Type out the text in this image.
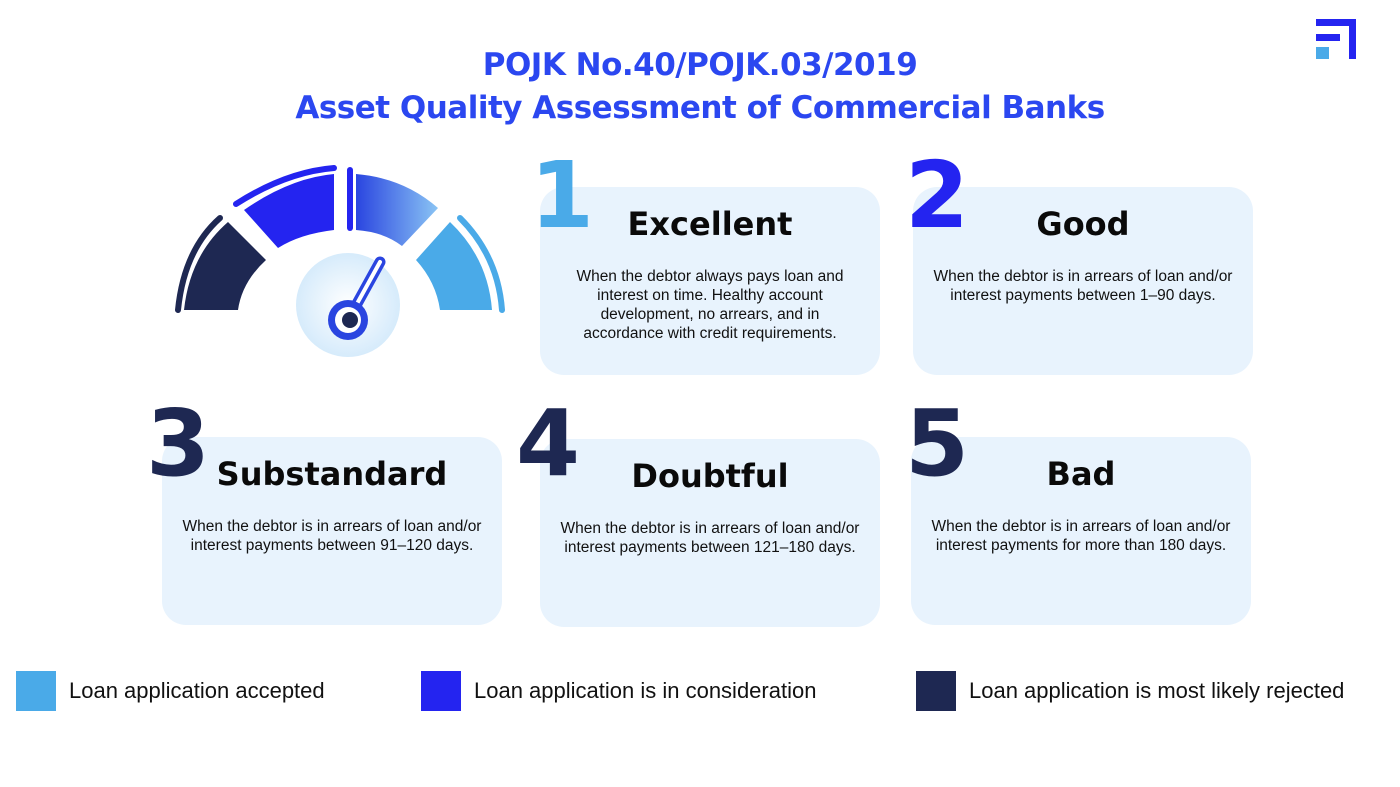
POJK No.40/POJK.03/2019
Asset Quality Assessment of Commercial Banks
Excellent
When the debtor always pays loan and interest on time. Healthy account development, no arrears, and in accordance with credit requirements.
1	Good
When the debtor is in arrears of loan and/or interest payments between 1–90 days.
2
Substandard
When the debtor is in arrears of loan and/or interest payments between 91–120 days.
3	Doubtful
When the debtor is in arrears of loan and/or interest payments between 121–180 days.
4	Bad
When the debtor is in arrears of loan and/or interest payments for more than 180 days.
5
Loan application accepted	Loan application is in consideration	Loan application is most likely rejected
